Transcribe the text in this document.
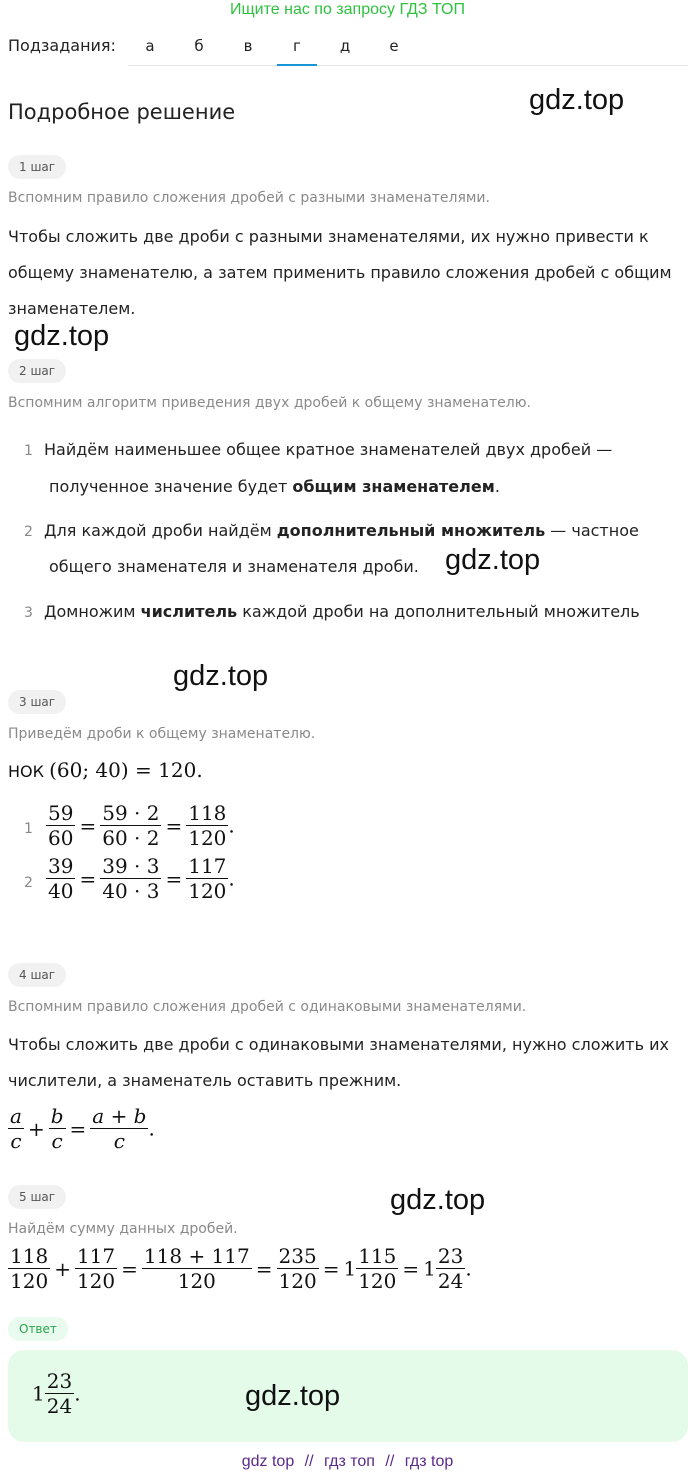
Ищите нас по запросу ГДЗ ТОП
Подзадания:	а	б	в	г	д	е
Подробное решение	gdz.top
1 шаг
Вспомним правило сложения дробей с разными знаменателями.
Чтобы сложить две дроби с разными знаменателями, их нужно привести к
общему знаменателю, а затем применить правило сложения дробей с общим
знаменателем.
gdz.top
2 шаг
Вспомним алгоритм приведения двух дробей к общему знаменателю.
1 Найдём наименьшее общее кратное знаменателей двух дробей —
полученное значение будет общим знаменателем.
2 Для каждой дроби найдём дополнительный множитель — частное
общего знаменателя и знаменателя дроби. gdz.top
3 Домножим числитель каждой дроби на дополнительный множитель
gdz.top
3 шаг
Приведём дроби к общему знаменателю.
НОК (60; 40) = 120.
$1 \frac{59}{60} = \frac{59 \cdot 2}{60 \cdot 2} = \frac{118}{120}$ .
$2 \frac{39}{40} = \frac{39 \cdot 3}{40 \cdot 3} = \frac{117}{120}$ .
4 шаг
Вспомним правило сложения дробей с одинаковыми знаменателями.
Чтобы сложить две дроби с одинаковыми знаменателями, нужно сложить их
числители, а знаменатель оставить прежним.
$\frac{a}{c} + \frac{b}{c} = \frac{a + b}{c}$ .
5 шаг	gdz.top
Найдём сумму данных дробей.
$\frac{118}{120} + \frac{117}{120} = \frac{118 + 117}{120} = \frac{235}{120} = 1 \frac{115}{120} = 1 \frac{23}{24}$ .
Ответ
$1 \frac{23}{24}$ .	gdz.top
gdz top // гдз топ // гдз top
